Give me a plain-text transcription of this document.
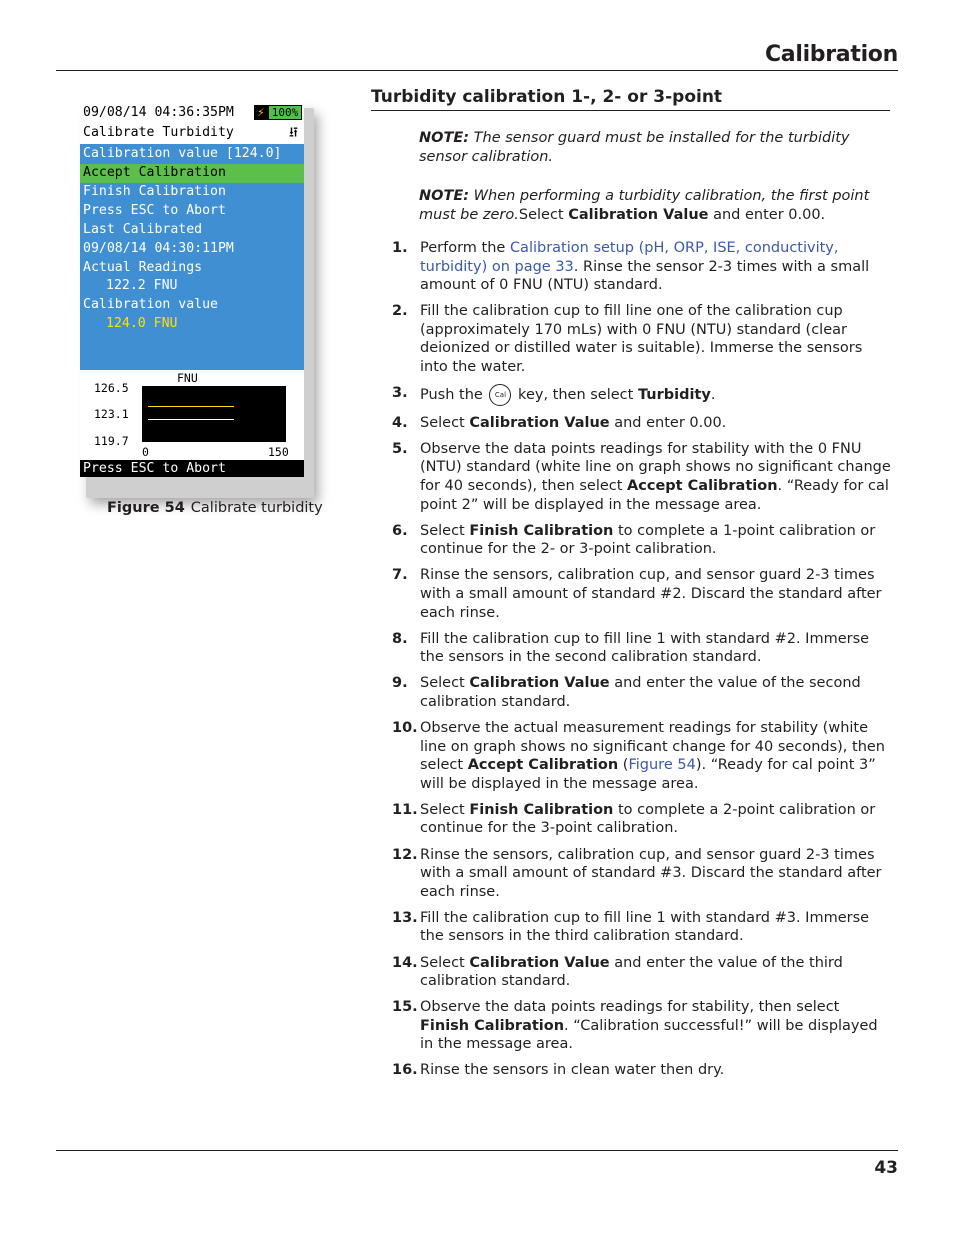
Calibration
09/08/14 04:36:35PM	⚡ 100%
Calibrate Turbidity	⭿
Calibration value [124.0]
Accept Calibration
Finish Calibration
Press ESC to Abort
Last Calibrated
09/08/14 04:30:11PM
Actual Readings
122.2 FNU
Calibration value
124.0 FNU
FNU
126.5
123.1
119.7
0	150
Press ESC to Abort
Figure 54 Calibrate turbidity
Turbidity calibration 1-, 2- or 3-point
NOTE: The sensor guard must be installed for the turbidity sensor calibration.
NOTE: When performing a turbidity calibration, the first point must be zero.Select Calibration Value and enter 0.00.
1. Perform the Calibration setup (pH, ORP, ISE, conductivity, turbidity) on page 33. Rinse the sensor 2-3 times with a small amount of 0 FNU (NTU) standard.
2. Fill the calibration cup to fill line one of the calibration cup (approximately 170 mLs) with 0 FNU (NTU) standard (clear deionized or distilled water is suitable). Immerse the sensors into the water.
3. Push the Cal key, then select Turbidity.
4. Select Calibration Value and enter 0.00.
5. Observe the data points readings for stability with the 0 FNU (NTU) standard (white line on graph shows no significant change for 40 seconds), then select Accept Calibration. “Ready for cal point 2” will be displayed in the message area.
6. Select Finish Calibration to complete a 1-point calibration or continue for the 2- or 3-point calibration.
7. Rinse the sensors, calibration cup, and sensor guard 2-3 times with a small amount of standard #2. Discard the standard after each rinse.
8. Fill the calibration cup to fill line 1 with standard #2. Immerse the sensors in the second calibration standard.
9. Select Calibration Value and enter the value of the second calibration standard.
10. Observe the actual measurement readings for stability (white line on graph shows no significant change for 40 seconds), then select Accept Calibration (Figure 54). “Ready for cal point 3” will be displayed in the message area.
11. Select Finish Calibration to complete a 2-point calibration or continue for the 3-point calibration.
12. Rinse the sensors, calibration cup, and sensor guard 2-3 times with a small amount of standard #3. Discard the standard after each rinse.
13. Fill the calibration cup to fill line 1 with standard #3. Immerse the sensors in the third calibration standard.
14. Select Calibration Value and enter the value of the third calibration standard.
15. Observe the data points readings for stability, then select Finish Calibration. “Calibration successful!” will be displayed in the message area.
16. Rinse the sensors in clean water then dry.
43
